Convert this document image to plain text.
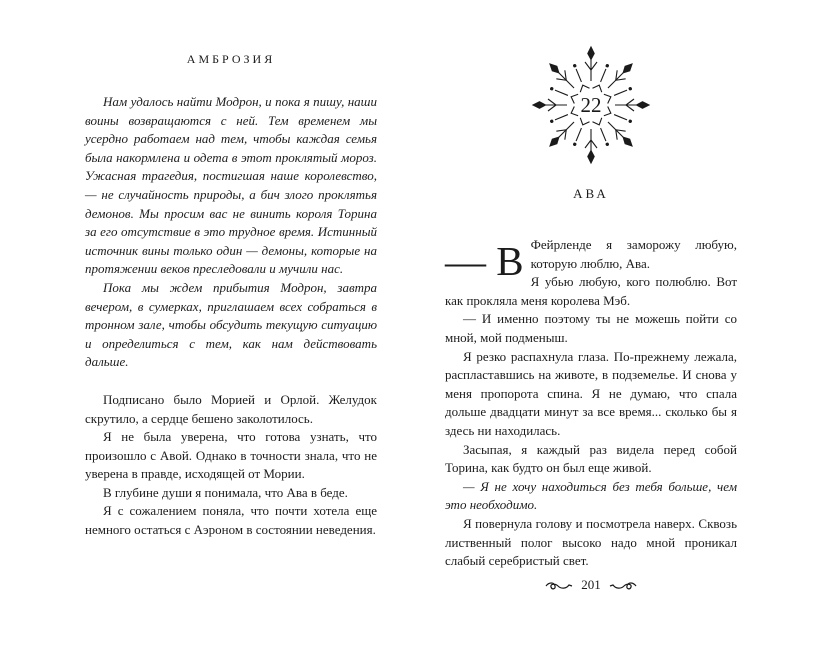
АМБРОЗИЯ

Нам удалось найти Модрон, и пока я пишу, наши воины возвращаются с ней. Тем временем мы усердно работаем над тем, чтобы каждая семья была накормлена и одета в этот проклятый мороз. Ужасная трагедия, постигшая наше королевство, — не случайность природы, а бич злого проклятья демонов. Мы просим вас не винить короля Торина за его отсутствие в это трудное время. Истинный источник вины только один — демоны, которые на протяжении веков преследовали и мучили нас.

Пока мы ждем прибытия Модрон, завтра вечером, в сумерках, приглашаем всех собраться в тронном зале, чтобы обсудить текущую ситуацию и определиться с тем, как нам действовать дальше.

Подписано было Морией и Орлой. Желудок скрутило, а сердце бешено заколотилось.

Я не была уверена, что готова узнать, что произошло с Авой. Однако в точности знала, что не уверена в правде, исходящей от Мории.

В глубине души я понимала, что Ава в беде.

Я с сожалением поняла, что почти хотела еще немного остаться с Аэроном в состоянии неведения.

22
АВА

— В Фейрленде я заморожу любую, которую люблю, Ава.
Я убью любую, кого полюблю. Вот как прокляла меня королева Мэб.

— И именно поэтому ты не можешь пойти со мной, мой подменыш.

Я резко распахнула глаза. По-прежнему лежала, распластавшись на животе, в подземелье. И снова у меня пропорота спина. Я не думаю, что спала дольше двадцати минут за все время... сколько бы я здесь ни находилась.

Засыпая, я каждый раз видела перед собой Торина, как будто он был еще живой.

— Я не хочу находиться без тебя больше, чем это необходимо.

Я повернула голову и посмотрела наверх. Сквозь лиственный полог высоко надо мной проникал слабый серебристый свет.

201
